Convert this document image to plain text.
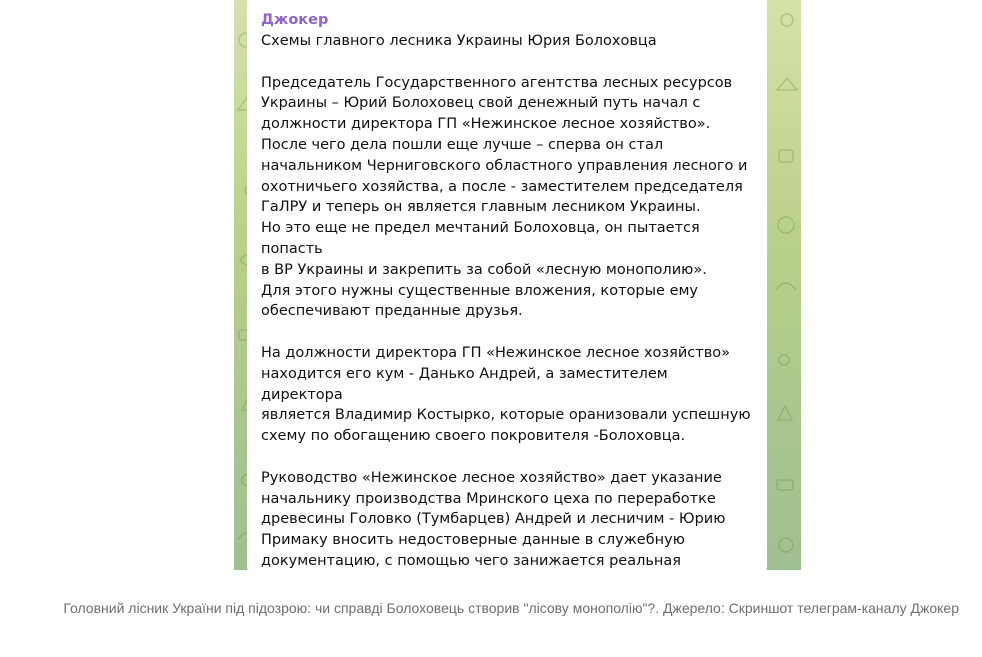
Джокер

Схемы главного лесника Украины Юрия Болоховца

Председатель Государственного агентства лесных ресурсов
Украины – Юрий Болоховец свой денежный путь начал с
должности директора ГП «Нежинское лесное хозяйство».
После чего дела пошли еще лучше – сперва он стал
начальником Черниговского областного управления лесного и
охотничьего хозяйства, а после - заместителем председателя
ГаЛРУ и теперь он является главным лесником Украины.
Но это еще не предел мечтаний Болоховца, он пытается попасть
в ВР Украины и закрепить за собой «лесную монополию».
Для этого нужны существенные вложения, которые ему
обеспечивают преданные друзья.

На должности директора ГП «Нежинское лесное хозяйство»
находится его кум - Данько Андрей, а заместителем директора
является Владимир Костырко, которые оранизовали успешную
схему по обогащению своего покровителя -Болоховца.

Руководство «Нежинское лесное хозяйство» дает указание
начальнику производства Мринского цеха по переработке
древесины Головко (Тумбарцев) Андрей и лесничим - Юрию
Примаку вносить недостоверные данные в служебную
документацию, с помощью чего занижается реальная

Головний лісник України під підозрою: чи справді Болоховець створив "лісову монополію"?. Джерело: Скриншот телеграм-каналу Джокер
